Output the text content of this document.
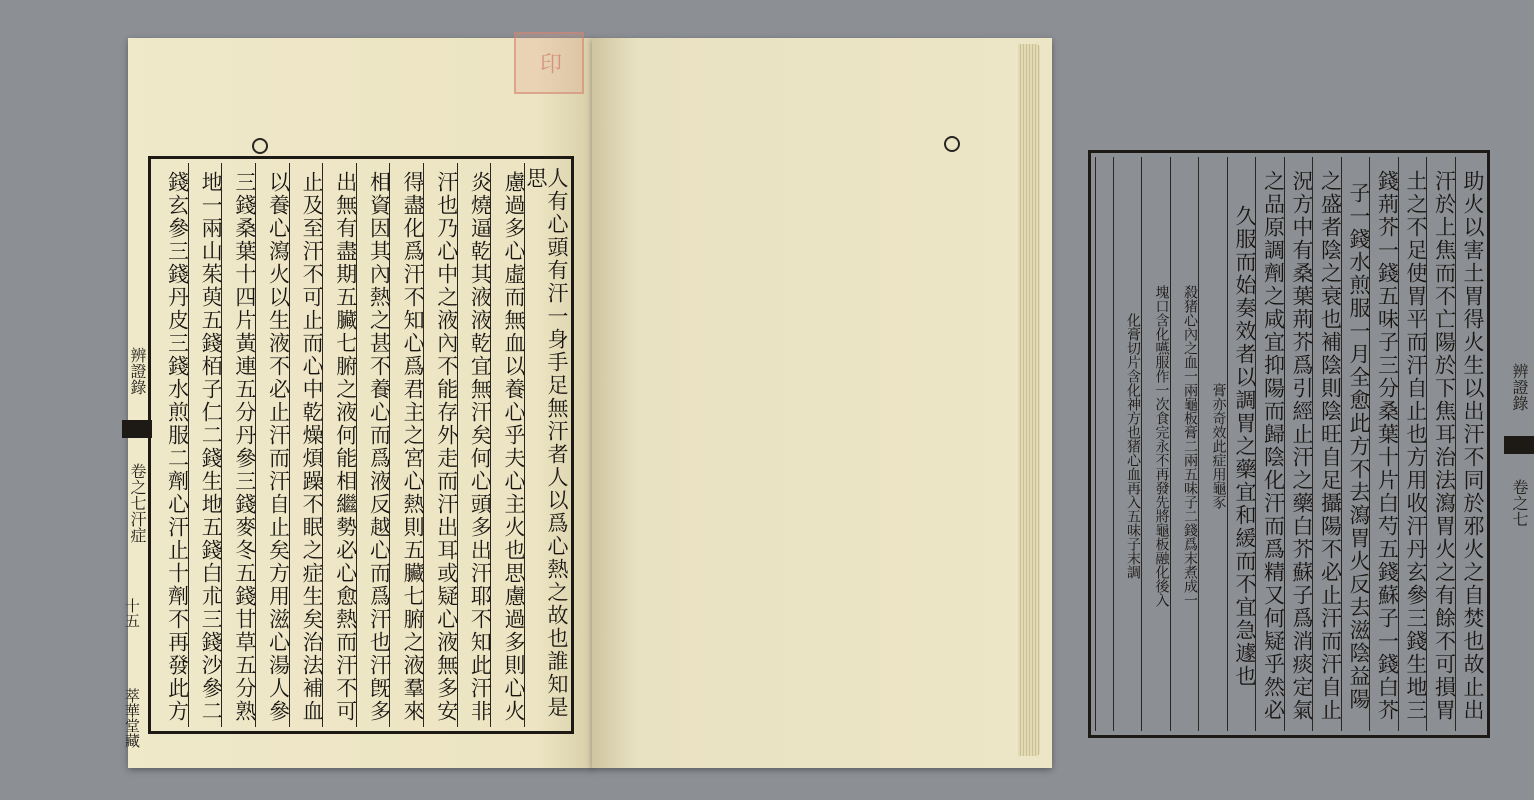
印
辨證錄  卷之七汗症
十五
萃華堂藏	人有心頭有汗一身手足無汗者人以爲心熱之故也誰知是思
慮過多心虛而無血以養心乎夫心主火也思慮過多則心火
炎燒逼乾其液液乾宜無汗矣何心頭多出汗耶不知此汗非
汗也乃心中之液內不能存外走而汗出耳或疑心液無多安
得盡化爲汗不知心爲君主之宮心熱則五臟七腑之液羣來
相資因其內熱之甚不養心而爲液反越心而爲汗也汗旣多
出無有盡期五臟七腑之液何能相繼勢必心愈熱而汗不可
止及至汗不可止而心中乾燥煩躁不眠之症生矣治法補血
以養心瀉火以生液不必止汗而汗自止矣方用滋心湯人參
三錢桑葉十四片黃連五分丹參三錢麥冬五錢甘草五分熟
地一兩山茱萸五錢栢子仁二錢生地五錢白朮三錢沙參二
錢玄參三錢丹皮三錢水煎服二劑心汗止十劑不再發此方	助火以害土胃得火生以出汗不同於邪火之自焚也故止出
汗於上焦而不亡陽於下焦耳治法瀉胃火之有餘不可損胃
土之不足使胃平而汗自止也方用收汗丹玄參三錢生地三
錢荊芥一錢五味子三分桑葉十片白芍五錢蘇子一錢白芥
子一錢水煎服一月全愈此方不去瀉胃火反去滋陰益陽
之盛者陰之衰也補陰則陰旺自足攝陽不必止汗而汗自止
況方中有桑葉荊芥爲引經止汗之藥白芥蘇子爲消痰定氣
之品原調劑之咸宜抑陽而歸陰化汗而爲精又何疑乎然必
久服而始奏效者以調胃之藥宜和緩而不宜急遽也
此症用龜豕
膏亦奇效
殺猪心內之血一兩龜板膏二兩五味子二錢爲末煮成一
塊口含化嚥服作一次食完永不再發先將龜板融化後入
猪心血再入五味子末調
化膏切片含化神方也	辨證錄  卷之七
